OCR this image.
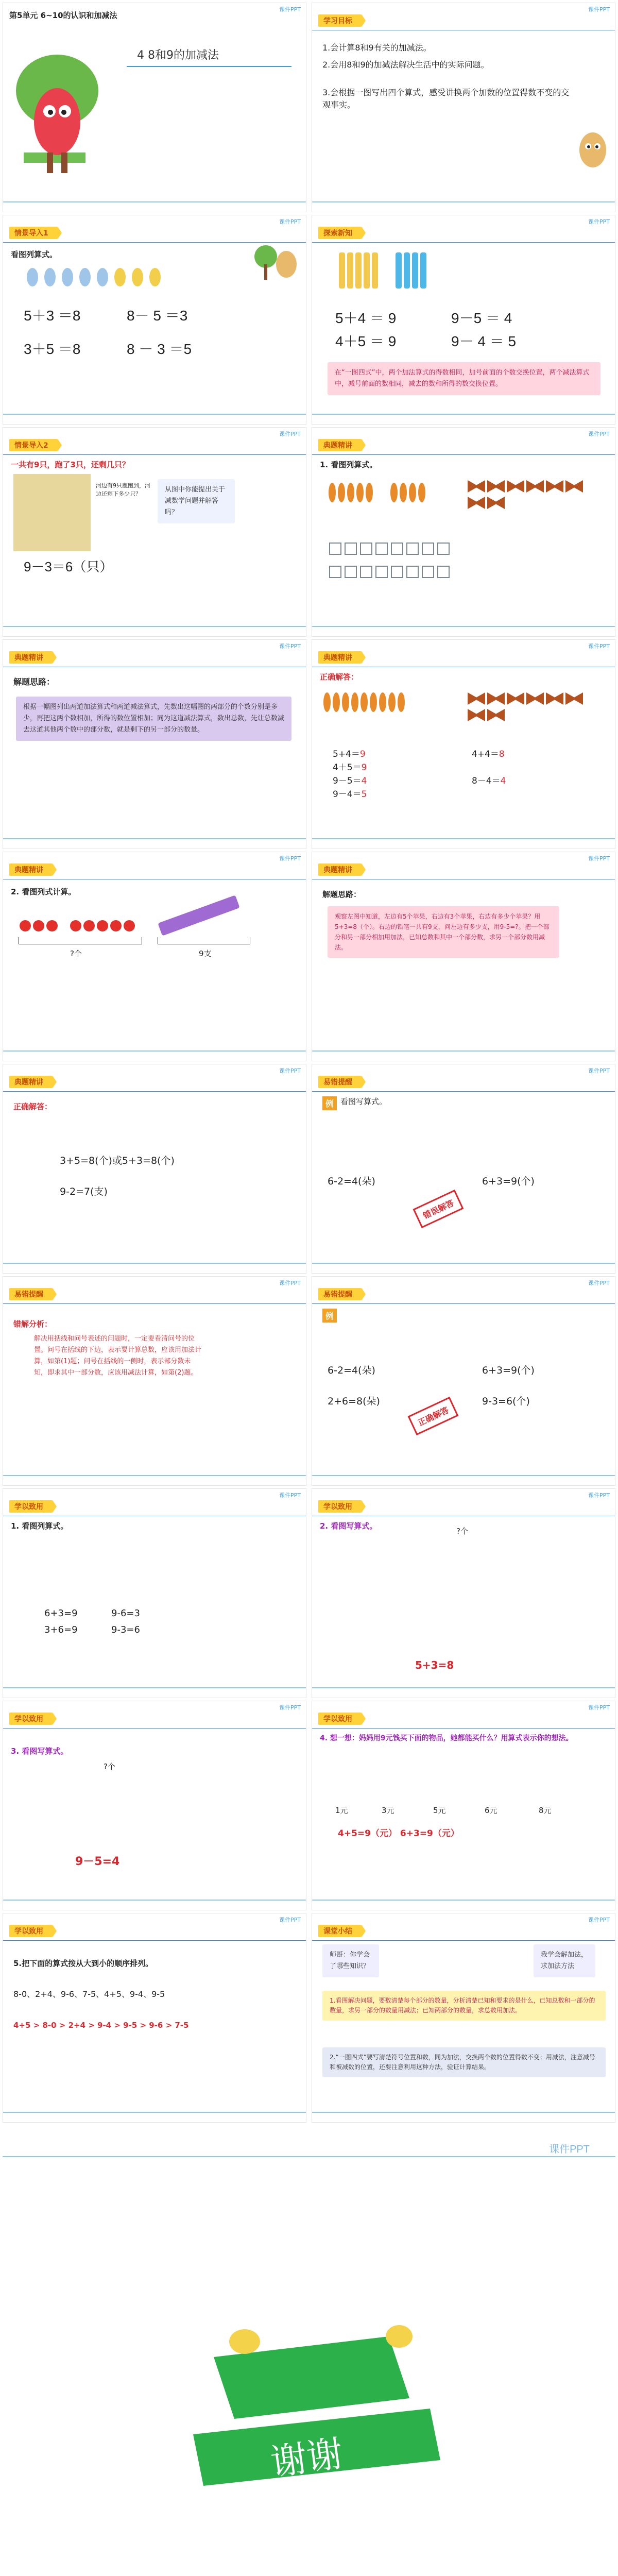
第5单元 6~10的认识和加减法
课件PPT
4 8和9的加减法
学习目标
课件PPT
1.会计算8和9有关的加减法。
2.会用8和9的加减法解决生活中的实际问题。
3.会根据一图写出四个算式，感受讲换两个加数的位置得数不变的交观事实。
情景导入1
课件PPT
看图列算式。
5＋3 ＝8	8－ 5 ＝3
3＋5 ＝8	8 － 3 ＝5
探索新知
课件PPT
5＋4 ＝ 9	9－5 ＝ 4
4＋5 ＝ 9	9－ 4 ＝ 5
在“一图四式”中，两个加法算式的得数相同，加号前面的个数交换位置，两个减法算式中，减号前面的数相同，减去的数和所得的数交换位置。
情景导入2
课件PPT
一共有9只，跑了3只，还剩几只？
河边有9只鹿跑到，河边还剩下多少只？
从图中你能提出关于减数学问题并解答吗？
9－3＝6（只）
典题精讲
课件PPT
1. 看图列算式。
典题精讲
课件PPT
解题思路：
根据一幅图列出两道加法算式和两道减法算式，先数出这幅图的两部分的个数分别是多少，再把这两个数相加，所得的数位置相加；同为这道减法算式，数出总数，先让总数减去这道其他两个数中的部分数，就是剩下的另一部分的数量。
典题精讲
课件PPT
正确解答：
5+4＝9	4+4＝8
4＋5＝9
9－5＝4	8－4＝4
9－4＝5
典题精讲
课件PPT
2. 看图列式计算。
?个	9支
典题精讲
课件PPT
解题思路：
观察左图中知道，左边有5个苹果，右边有3个苹果，右边有多少个苹果？用5+3=8（个）。右边的铅笔一共有9支，问左边有多少支，用9-5=?。把一个部分和另一部分相加用加法，已知总数和其中一个部分数，求另一个部分数用减法。
典题精讲
课件PPT
正确解答：
3+5=8(个)或5+3=8(个)
9-2=7(支)
易错提醒
课件PPT
例 看图写算式。
6-2=4(朵)	6+3=9(个)
错误解答
易错提醒
课件PPT
错解分析：
解决用括线和问号表述的问题时，一定要看清问号的位置。问号在括线的下边，表示要计算总数，应该用加法计算，如第(1)题；问号在括线的一侧时，表示部分数未知，即求其中一部分数，应该用减法计算，如第(2)题。
易错提醒
课件PPT
例
6-2=4(朵)	6+3=9(个)
2+6=8(朵)	9-3=6(个)
正确解答
学以致用
课件PPT
1. 看图列算式。
6+3=9	9-6=3
3+6=9	9-3=6
学以致用
课件PPT
2. 看图写算式。
?个
5+3=8
学以致用
课件PPT
3. 看图写算式。
?个
9－5=4
学以致用
课件PPT
4. 想一想：妈妈用9元钱买下面的物品，她都能买什么？用算式表示你的想法。
1元	3元	5元	6元	8元
4+5=9（元） 6+3=9（元）
学以致用
课件PPT
5.把下面的算式按从大到小的顺序排列。
8-0、2+4、9-6、7-5、4+5、9-4、9-5
4+5 > 8-0 > 2+4 > 9-4 > 9-5 > 9-6 > 7-5
课堂小结
课件PPT
师哥：你学会了哪些知识？
我学会解加法，求加法方法
1.看图解决问题，要数清楚每个部分的数量，分析清楚已知和要求的是什么，已知总数和一部分的数量，求另一部分的数量用减法；已知两部分的数量，求总数用加法。
2.“一图四式”要写清楚符号位置和数，同为加法，交换两个数的位置得数不变；用减法，注意减号和被减数的位置，还要注意利用这种方法，验证计算结果。
课件PPT
谢谢
